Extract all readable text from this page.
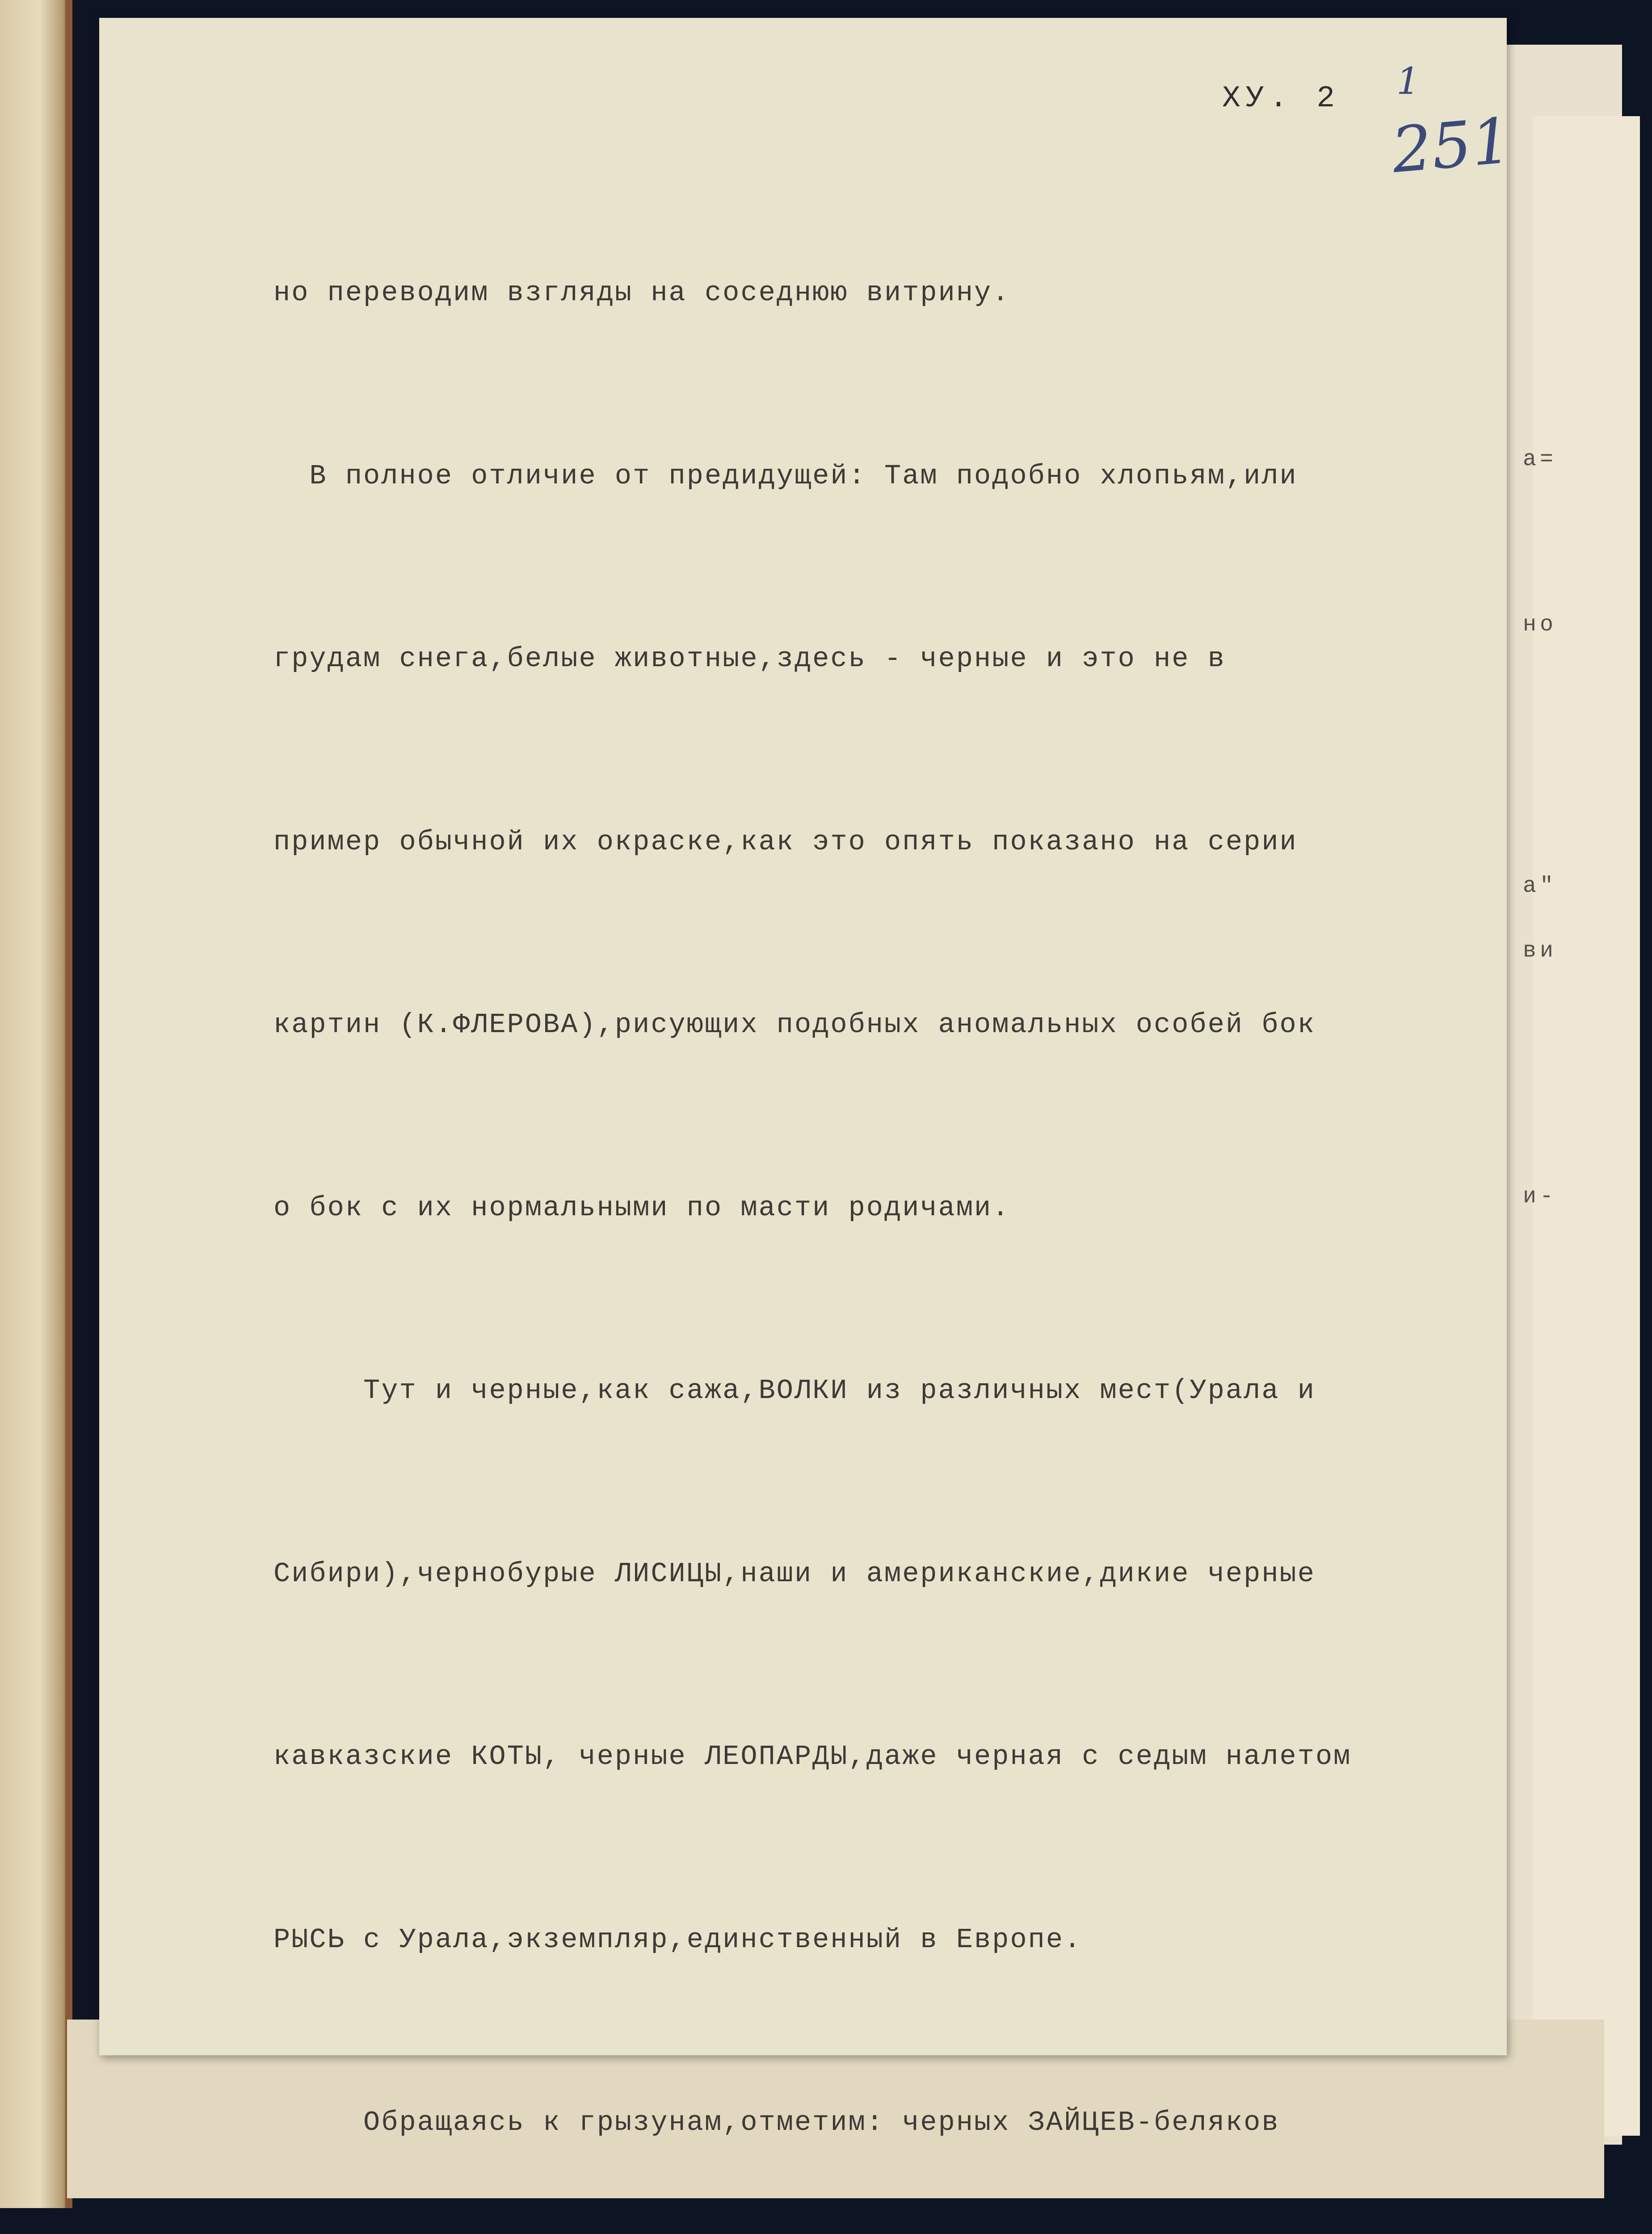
а=
но
а"
ви
и-
ХУ. 2 1
251

но переводим взгляды на соседнюю витрину.

В полное отличие от предидущей: Там подобно хлопьям,или

грудам снега,белые животные,здесь - черные и это не в

пример обычной их окраске,как это опять показано на серии

картин (К.ФЛЕРОВА),рисующих подобных аномальных особей бок

о бок с их нормальными по масти родичами.

Тут и черные,как сажа,ВОЛКИ из различных мест(Урала и

Сибири),чернобурые ЛИСИЦЫ,наши и американские,дикие черные

кавказские КОТЫ, черные ЛЕОПАРДЫ,даже черная с седым налетом

РЫСЬ с Урала,экземпляр,единственный в Европе.

Обращаясь к грызунам,отметим: черных ЗАЙЦЕВ-беляков
